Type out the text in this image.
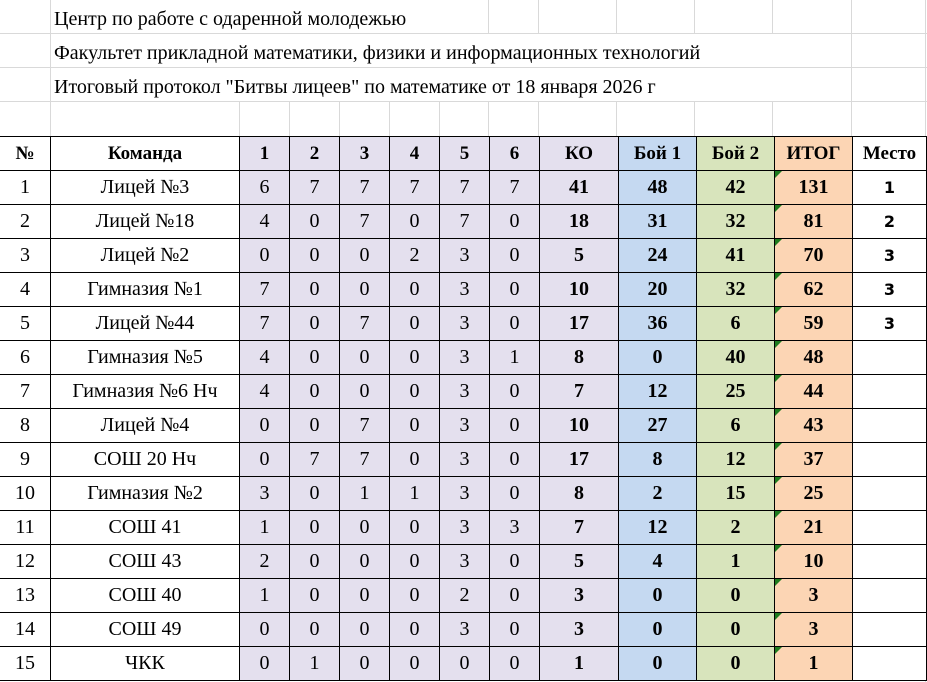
Центр по работе с одаренной молодежью
Факультет прикладной математики, физики и информационных технологий
Итоговый протокол "Битвы лицеев" по математике от 18 января 2026 г
№	Команда	1	2	3	4	5	6	КО	Бой 1	Бой 2	ИТОГ	Место
1	Лицей №3	6	7	7	7	7	7	41	48	42	131	1
2	Лицей №18	4	0	7	0	7	0	18	31	32	81	2
3	Лицей №2	0	0	0	2	3	0	5	24	41	70	3
4	Гимназия №1	7	0	0	0	3	0	10	20	32	62	3
5	Лицей №44	7	0	7	0	3	0	17	36	6	59	3
6	Гимназия №5	4	0	0	0	3	1	8	0	40	48	
7	Гимназия №6 Нч	4	0	0	0	3	0	7	12	25	44	
8	Лицей №4	0	0	7	0	3	0	10	27	6	43	
9	СОШ 20 Нч	0	7	7	0	3	0	17	8	12	37	
10	Гимназия №2	3	0	1	1	3	0	8	2	15	25	
11	СОШ 41	1	0	0	0	3	3	7	12	2	21	
12	СОШ 43	2	0	0	0	3	0	5	4	1	10	
13	СОШ 40	1	0	0	0	2	0	3	0	0	3	
14	СОШ 49	0	0	0	0	3	0	3	0	0	3	
15	ЧКК	0	1	0	0	0	0	1	0	0	1	
